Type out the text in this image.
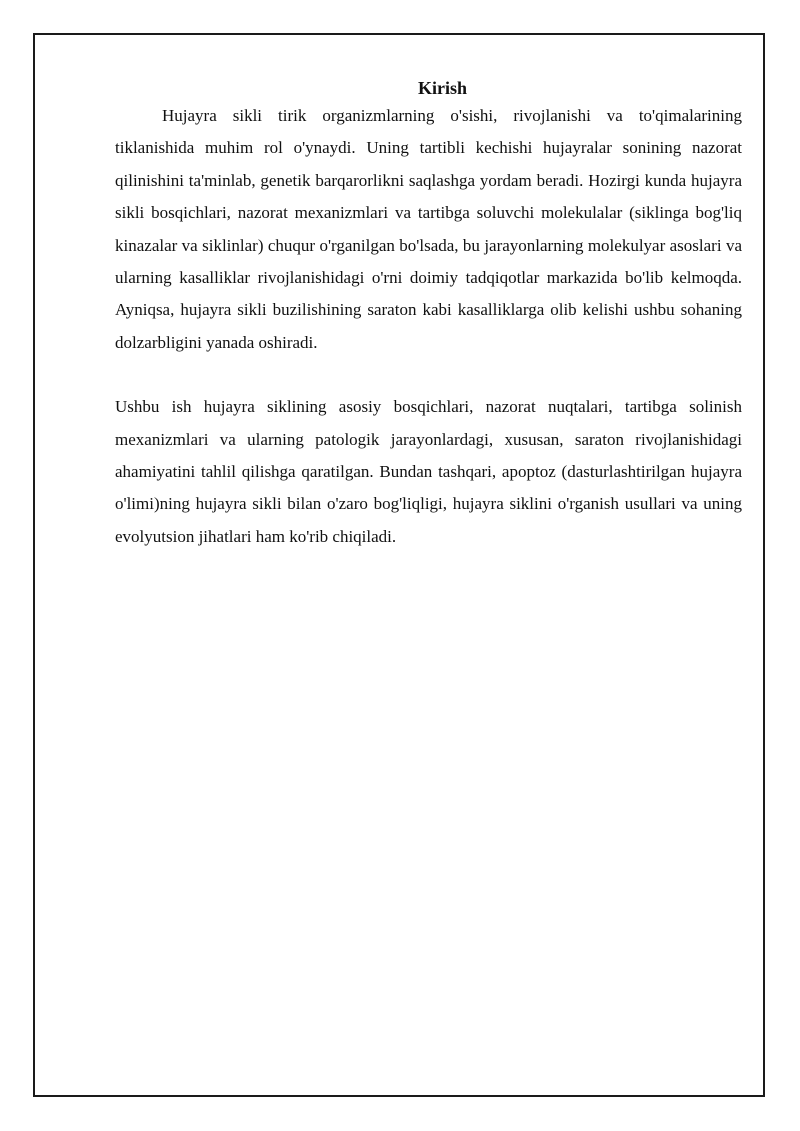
Kirish

Hujayra sikli tirik organizmlarning o'sishi, rivojlanishi va to'qimalarining tiklanishida muhim rol o'ynaydi. Uning tartibli kechishi hujayralar sonining nazorat qilinishini ta'minlab, genetik barqarorlikni saqlashga yordam beradi. Hozirgi kunda hujayra sikli bosqichlari, nazorat mexanizmlari va tartibga soluvchi molekulalar (siklinga bog'liq kinazalar va siklinlar) chuqur o'rganilgan bo'lsada, bu jarayonlarning molekulyar asoslari va ularning kasalliklar rivojlanishidagi o'rni doimiy tadqiqotlar markazida bo'lib kelmoqda. Ayniqsa, hujayra sikli buzilishining saraton kabi kasalliklarga olib kelishi ushbu sohaning dolzarbligini yanada oshiradi.

Ushbu ish hujayra siklining asosiy bosqichlari, nazorat nuqtalari, tartibga solinish mexanizmlari va ularning patologik jarayonlardagi, xususan, saraton rivojlanishidagi ahamiyatini tahlil qilishga qaratilgan. Bundan tashqari, apoptoz (dasturlashtirilgan hujayra o'limi)ning hujayra sikli bilan o'zaro bog'liqligi, hujayra siklini o'rganish usullari va uning evolyutsion jihatlari ham ko'rib chiqiladi.
